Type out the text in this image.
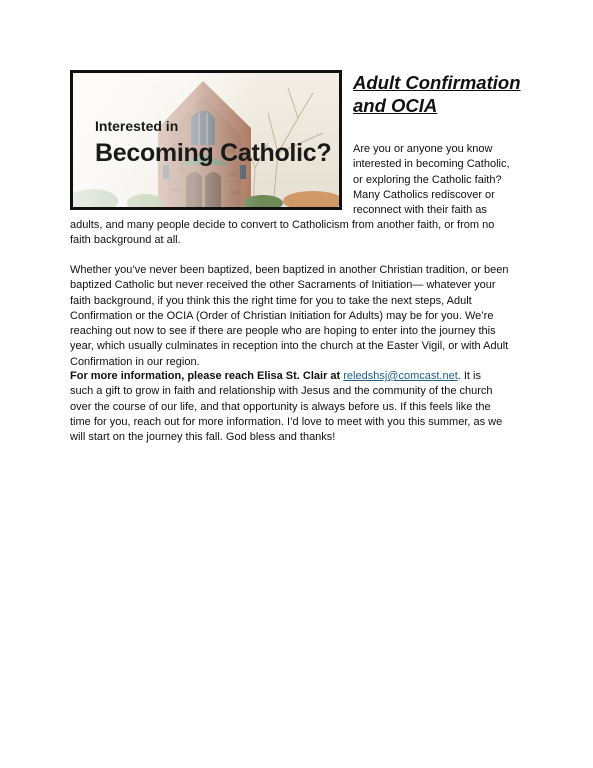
Interested in
Becoming Catholic?
Adult Confirmation
and OCIA
Are you or anyone you know
interested in becoming Catholic,
or exploring the Catholic faith?
Many Catholics rediscover or
reconnect with their faith as
adults, and many people decide to convert to Catholicism from another faith, or from no
faith background at all.
Whether you’ve never been baptized, been baptized in another Christian tradition, or been
baptized Catholic but never received the other Sacraments of Initiation— whatever your
faith background, if you think this the right time for you to take the next steps, Adult
Confirmation or the OCIA (Order of Christian Initiation for Adults) may be for you. We’re
reaching out now to see if there are people who are hoping to enter into the journey this
year, which usually culminates in reception into the church at the Easter Vigil, or with Adult
Confirmation in our region.
For more information, please reach Elisa St. Clair at reledshsj@comcast.net. It is
such a gift to grow in faith and relationship with Jesus and the community of the church
over the course of our life, and that opportunity is always before us. If this feels like the
time for you, reach out for more information. I’d love to meet with you this summer, as we
will start on the journey this fall. God bless and thanks!
